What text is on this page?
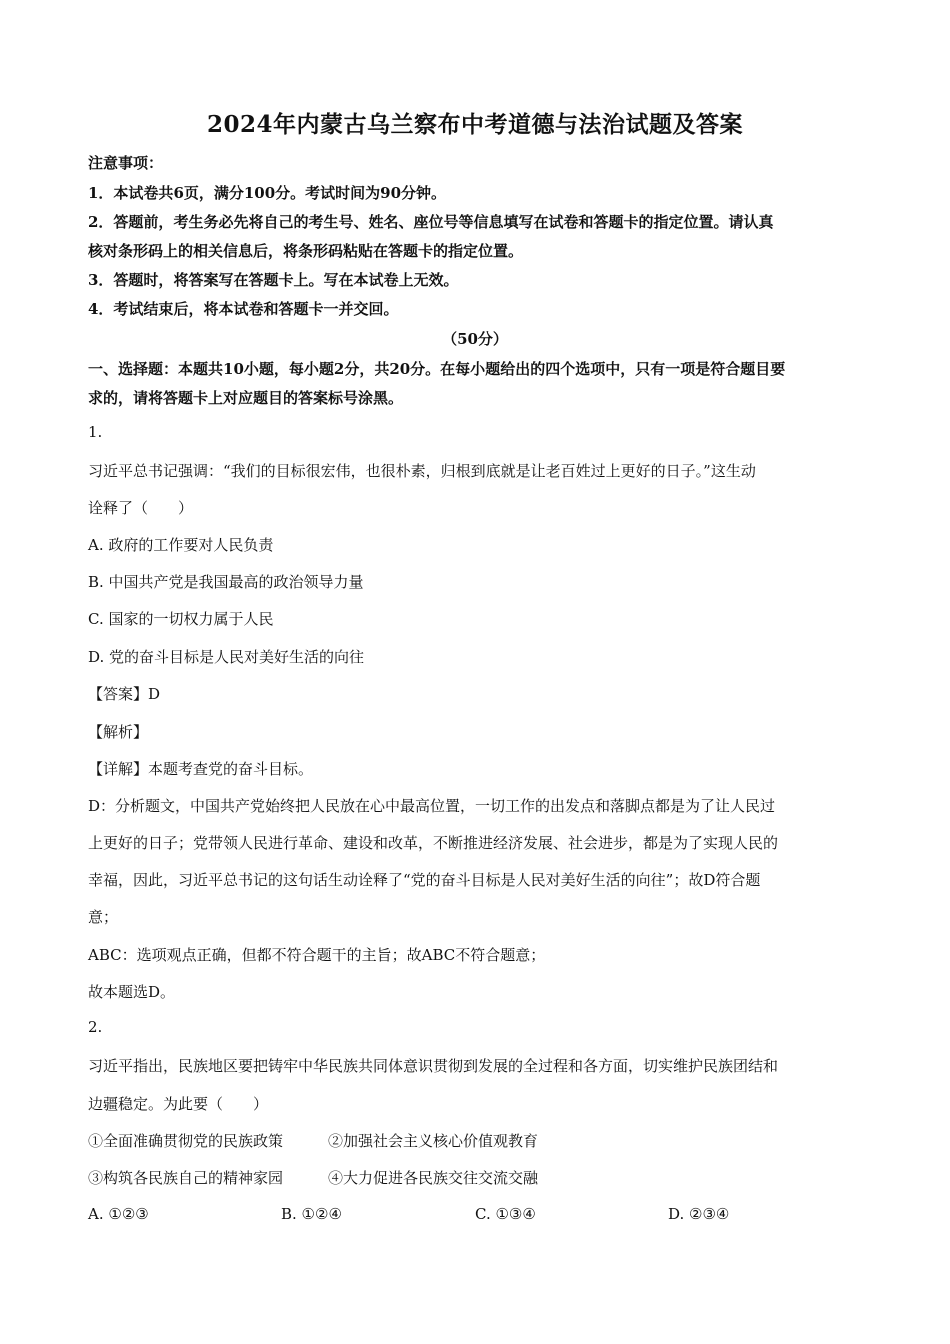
2024年内蒙古乌兰察布中考道德与法治试题及答案
注意事项：
1．本试卷共6页，满分100分。考试时间为90分钟。
2．答题前，考生务必先将自己的考生号、姓名、座位号等信息填写在试卷和答题卡的指定位置。请认真
核对条形码上的相关信息后，将条形码粘贴在答题卡的指定位置。
3．答题时，将答案写在答题卡上。写在本试卷上无效。
4．考试结束后，将本试卷和答题卡一并交回。
（50分）
一、选择题：本题共10小题，每小题2分，共20分。在每小题给出的四个选项中，只有一项是符合题目要
求的，请将答题卡上对应题目的答案标号涂黑。
1.
习近平总书记强调：“我们的目标很宏伟，也很朴素，归根到底就是让老百姓过上更好的日子。”这生动
诠释了（　　）
A. 政府的工作要对人民负责
B. 中国共产党是我国最高的政治领导力量
C. 国家的一切权力属于人民
D. 党的奋斗目标是人民对美好生活的向往
【答案】D
【解析】
【详解】本题考查党的奋斗目标。
D：分析题文，中国共产党始终把人民放在心中最高位置，一切工作的出发点和落脚点都是为了让人民过
上更好的日子；党带领人民进行革命、建设和改革，不断推进经济发展、社会进步，都是为了实现人民的
幸福，因此，习近平总书记的这句话生动诠释了“党的奋斗目标是人民对美好生活的向往”；故D符合题
意；
ABC：选项观点正确，但都不符合题干的主旨；故ABC不符合题意；
故本题选D。
2.
习近平指出，民族地区要把铸牢中华民族共同体意识贯彻到发展的全过程和各方面，切实维护民族团结和
边疆稳定。为此要（　　）
①全面准确贯彻党的民族政策　　　②加强社会主义核心价值观教育
③构筑各民族自己的精神家园　　　④大力促进各民族交往交流交融
A. ①②③	B. ①②④	C. ①③④	D. ②③④
